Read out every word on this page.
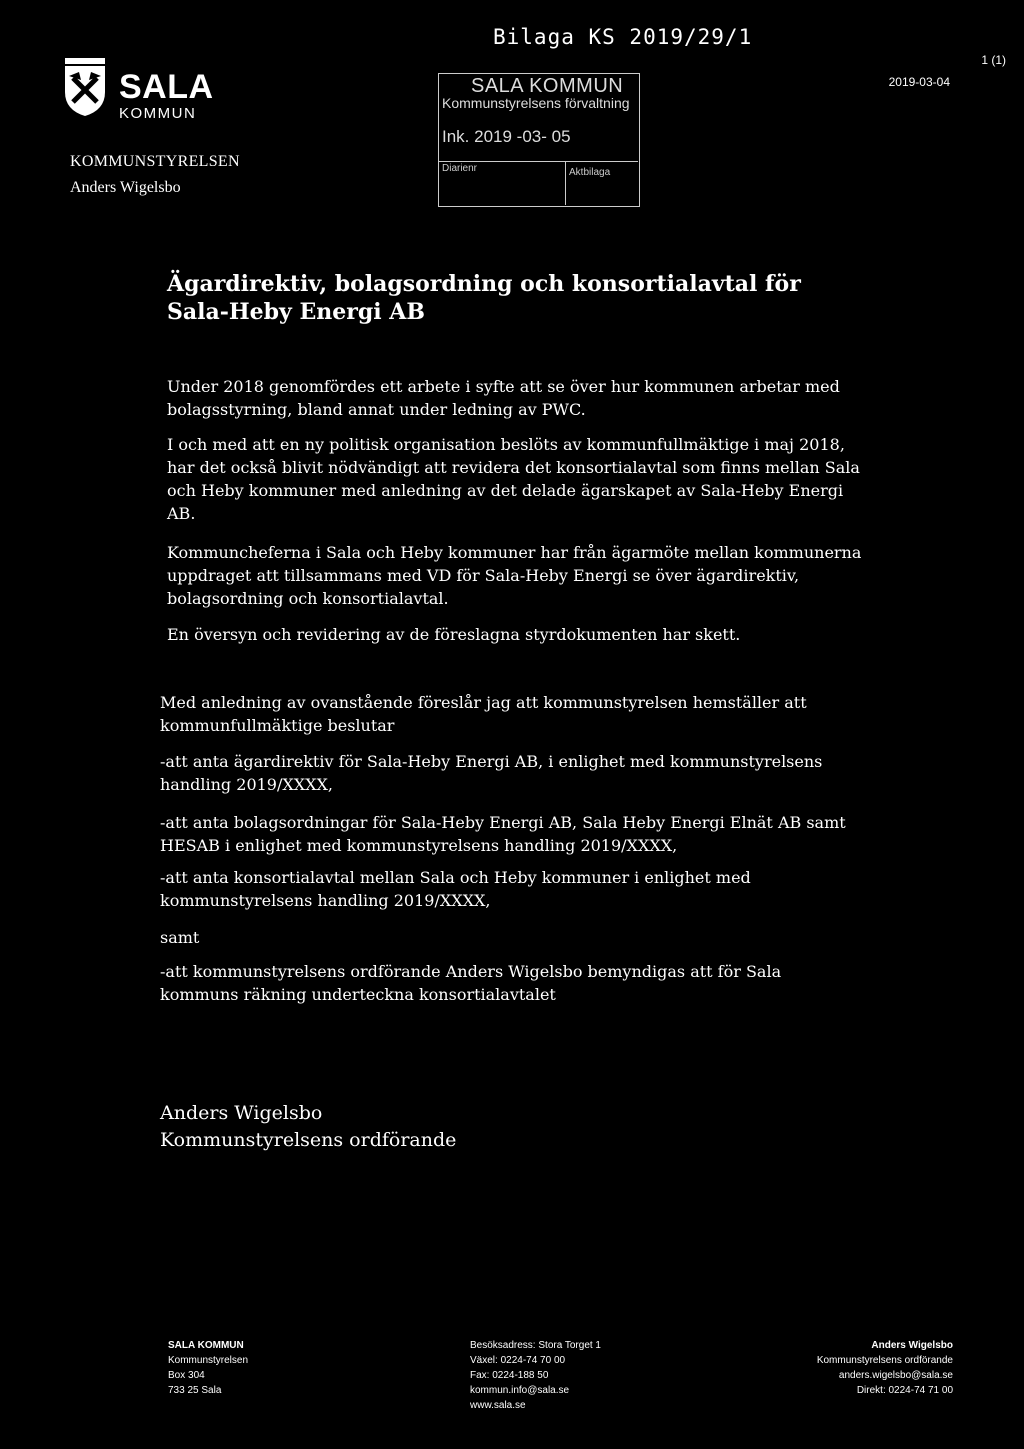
Bilaga KS 2019/29/1
SALA
KOMMUN
KOMMUNSTYRELSEN
Anders Wigelsbo
SALA KOMMUN
Kommunstyrelsens förvaltning
Ink. 2019 -03- 05
Diarienr	Aktbilaga
1 (1)
2019-03-04
Ägardirektiv, bolagsordning och konsortialavtal för Sala-Heby Energi AB
Under 2018 genomfördes ett arbete i syfte att se över hur kommunen arbetar med bolagsstyrning, bland annat under ledning av PWC.
I och med att en ny politisk organisation beslöts av kommunfullmäktige i maj 2018, har det också blivit nödvändigt att revidera det konsortialavtal som finns mellan Sala och Heby kommuner med anledning av det delade ägarskapet av Sala-Heby Energi AB.
Kommuncheferna i Sala och Heby kommuner har från ägarmöte mellan kommunerna uppdraget att tillsammans med VD för Sala-Heby Energi se över ägardirektiv, bolagsordning och konsortialavtal.
En översyn och revidering av de föreslagna styrdokumenten har skett.
Med anledning av ovanstående föreslår jag att kommunstyrelsen hemställer att kommunfullmäktige beslutar
-att anta ägardirektiv för Sala-Heby Energi AB, i enlighet med kommunstyrelsens handling 2019/XXXX,
-att anta bolagsordningar för Sala-Heby Energi AB, Sala Heby Energi Elnät AB samt HESAB i enlighet med kommunstyrelsens handling 2019/XXXX,
-att anta konsortialavtal mellan Sala och Heby kommuner i enlighet med kommunstyrelsens handling 2019/XXXX,
samt
-att kommunstyrelsens ordförande Anders Wigelsbo bemyndigas att för Sala kommuns räkning underteckna konsortialavtalet
Anders Wigelsbo
Kommunstyrelsens ordförande
SALA KOMMUN
Kommunstyrelsen
Box 304
733 25 Sala
Besöksadress: Stora Torget 1
Växel: 0224-74 70 00
Fax: 0224-188 50
kommun.info@sala.se
www.sala.se
Anders Wigelsbo
Kommunstyrelsens ordförande
anders.wigelsbo@sala.se
Direkt: 0224-74 71 00
